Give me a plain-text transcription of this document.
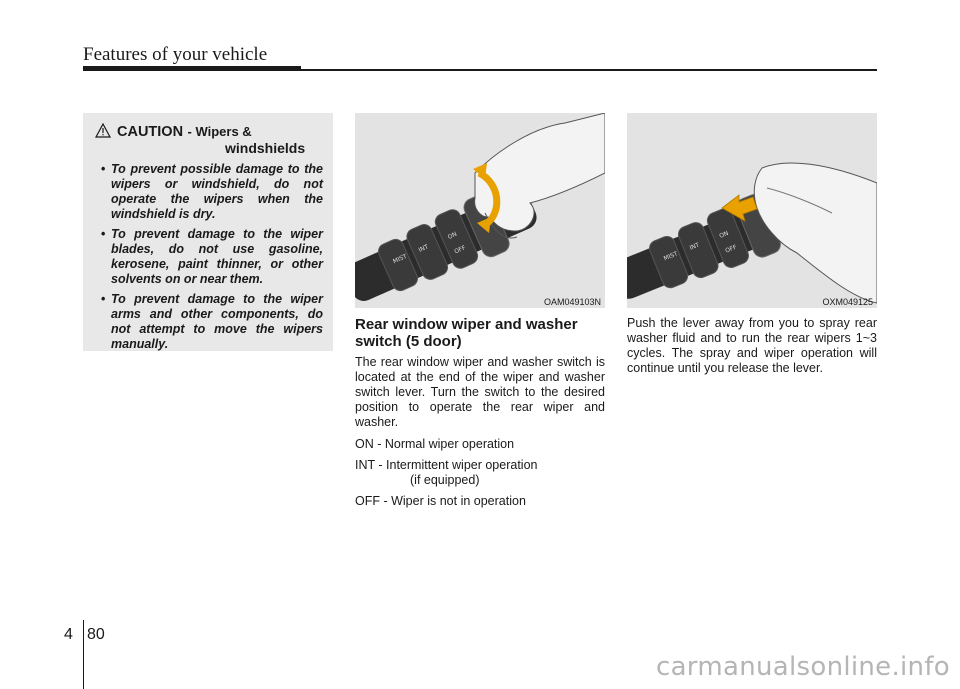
Features of your vehicle
CAUTION - Wipers &
windshields
• To prevent possible damage to the wipers or windshield, do not operate the wipers when the windshield is dry.
• To prevent damage to the wiper blades, do not use gasoline, kerosene, paint thinner, or other solvents on or near them.
• To prevent damage to the wiper arms and other components, do not attempt to move the wipers manually.
MIST
INT
ON
OFF
OAM049103N
MIST
INT
ON
OFF
OXM049125
Rear window wiper and washer switch (5 door)

The rear window wiper and washer switch is located at the end of the wiper and washer switch lever. Turn the switch to the desired position to operate the rear wiper and washer.

ON - Normal wiper operation

INT - Intermittent wiper operation
(if equipped)

OFF - Wiper is not in operation

Push the lever away from you to spray rear washer fluid and to run the rear wipers 1~3 cycles. The spray and wiper operation will continue until you release the lever.

4 80
carmanualsonline.info
